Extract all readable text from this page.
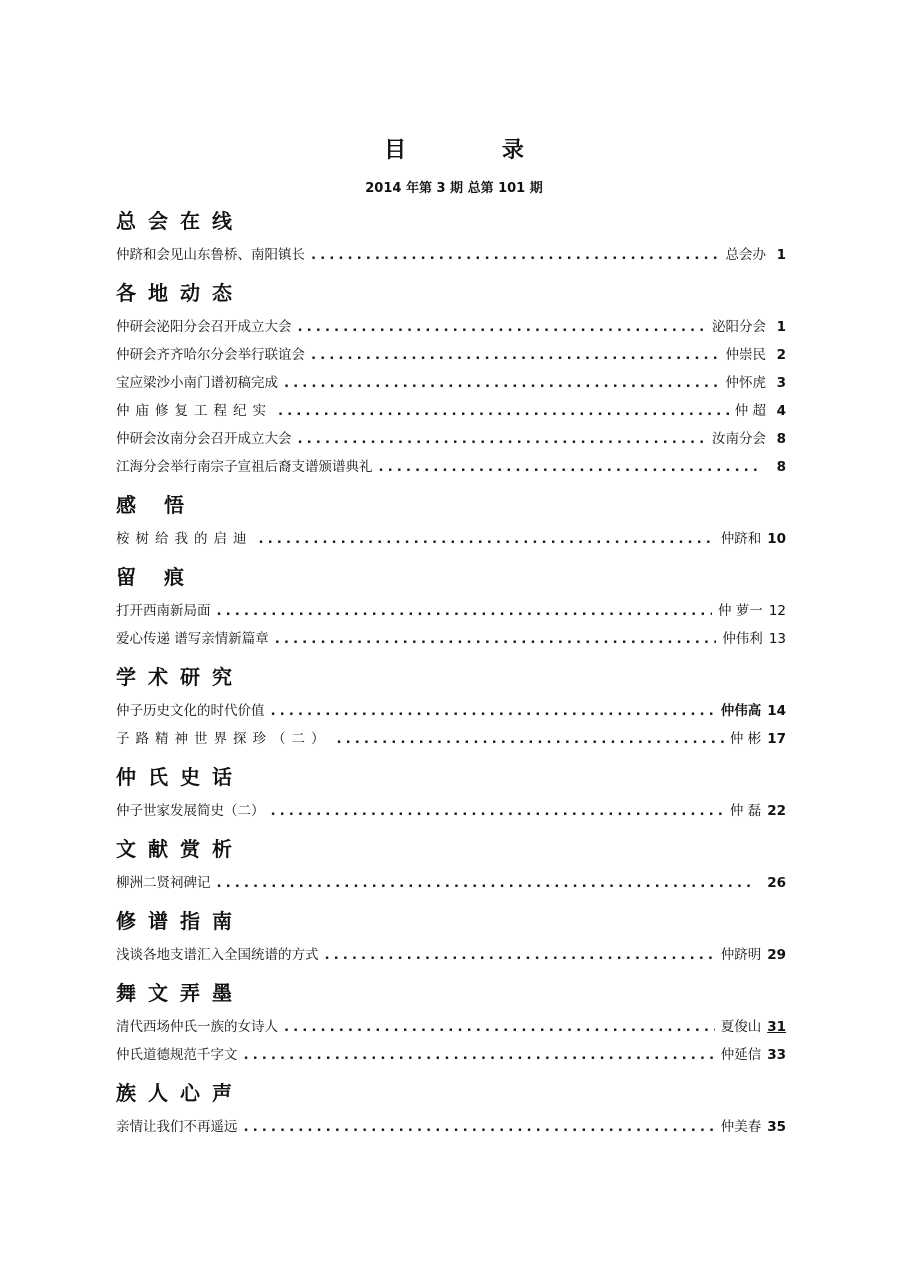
目 录
2014 年第 3 期 总第 101 期
总会在线
仲跻和会见山东鲁桥、南阳镇长 .....	总会办 1
各地动态
仲研会泌阳分会召开成立大会 .....	泌阳分会 1
仲研会齐齐哈尔分会举行联谊会 .....	仲崇民 2
宝应梁沙小南门谱初稿完成 .....	仲怀虎 3
仲庙修复工程纪实 .....	仲 超 4
仲研会汝南分会召开成立大会 .....	汝南分会 8
江海分会举行南宗子宣祖后裔支谱颁谱典礼 .....	8
感悟
桉树给我的启迪 .....	仲跻和 10
留痕
打开西南新局面 .....	仲 萝一 12
爱心传递 谱写亲情新篇章 .....	仲伟利 13
学术研究
仲子历史文化的时代价值 .....	仲伟高 14
子路精神世界探珍（二） .....	仲 彬 17
仲氏史话
仲子世家发展简史（二） .....	仲 磊 22
文献赏析
柳洲二贤祠碑记 .....	26
修谱指南
浅谈各地支谱汇入全国统谱的方式 .....	仲跻明 29
舞文弄墨
清代西场仲氏一族的女诗人 .....	夏俊山 31
仲氏道德规范千字文 .....	仲延信 33
族人心声
亲情让我们不再遥远 .....	仲美春 35
